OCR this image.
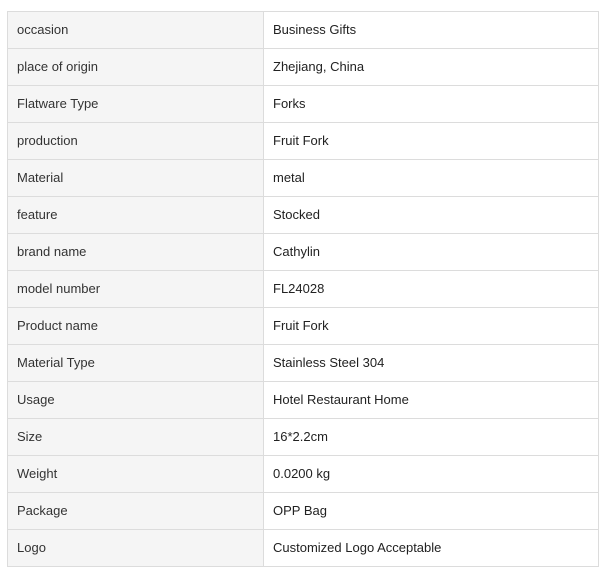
occasion	Business Gifts
place of origin	Zhejiang, China
Flatware Type	Forks
production	Fruit Fork
Material	metal
feature	Stocked
brand name	Cathylin
model number	FL24028
Product name	Fruit Fork
Material Type	Stainless Steel 304
Usage	Hotel Restaurant Home
Size	16*2.2cm
Weight	0.0200 kg
Package	OPP Bag
Logo	Customized Logo Acceptable
